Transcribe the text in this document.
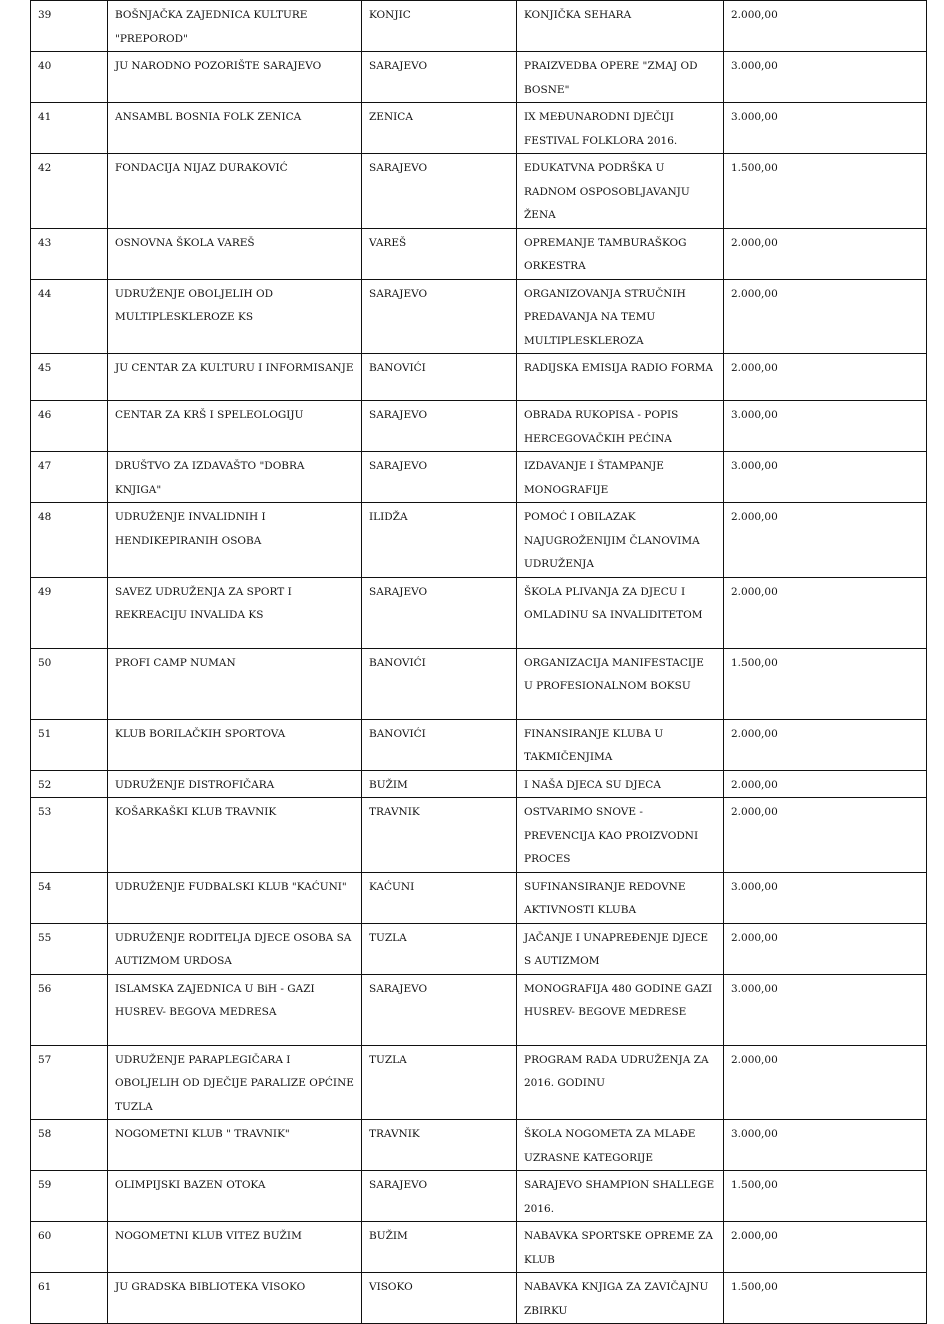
39	BOŠNJAČKA ZAJEDNICA KULTURE "PREPOROD"	KONJIC	KONJIČKA SEHARA	2.000,00
40	JU NARODNO POZORIŠTE SARAJEVO	SARAJEVO	PRAIZVEDBA OPERE "ZMAJ OD BOSNE"	3.000,00
41	ANSAMBL BOSNIA FOLK ZENICA	ZENICA	IX MEĐUNARODNI DJEČIJI FESTIVAL FOLKLORA 2016.	3.000,00
42	FONDACIJA NIJAZ DURAKOVIĆ	SARAJEVO	EDUKATVNA PODRŠKA U RADNOM OSPOSOBLJAVANJU ŽENA	1.500,00
43	OSNOVNA ŠKOLA VAREŠ	VAREŠ	OPREMANJE TAMBURAŠKOG ORKESTRA	2.000,00
44	UDRUŽENJE OBOLJELIH OD MULTIPLESKLEROZE KS	SARAJEVO	ORGANIZOVANJA STRUČNIH PREDAVANJA NA TEMU MULTIPLESKLEROZA	2.000,00
45	JU CENTAR ZA KULTURU I INFORMISANJE	BANOVIĆI	RADIJSKA EMISIJA RADIO FORMA	2.000,00
46	CENTAR ZA KRŠ I SPELEOLOGIJU	SARAJEVO	OBRADA RUKOPISA - POPIS HERCEGOVAČKIH PEĆINA	3.000,00
47	DRUŠTVO ZA IZDAVAŠTO "DOBRA KNJIGA"	SARAJEVO	IZDAVANJE I ŠTAMPANJE MONOGRAFIJE	3.000,00
48	UDRUŽENJE INVALIDNIH I HENDIKEPIRANIH OSOBA	ILIDŽA	POMOĆ I OBILAZAK NAJUGROŽENIJIM ČLANOVIMA UDRUŽENJA	2.000,00
49	SAVEZ UDRUŽENJA ZA SPORT I REKREACIJU INVALIDA KS	SARAJEVO	ŠKOLA PLIVANJA ZA DJECU I OMLADINU SA INVALIDITETOM	2.000,00
50	PROFI CAMP NUMAN	BANOVIĆI	ORGANIZACIJA MANIFESTACIJE U PROFESIONALNOM BOKSU	1.500,00
51	KLUB BORILAČKIH SPORTOVA	BANOVIĆI	FINANSIRANJE KLUBA U TAKMIČENJIMA	2.000,00
52	UDRUŽENJE DISTROFIČARA	BUŽIM	I NAŠA DJECA SU DJECA	2.000,00
53	KOŠARKAŠKI KLUB TRAVNIK	TRAVNIK	OSTVARIMO SNOVE - PREVENCIJA KAO PROIZVODNI PROCES	2.000,00
54	UDRUŽENJE FUDBALSKI KLUB "KAĆUNI"	KAĆUNI	SUFINANSIRANJE REDOVNE AKTIVNOSTI KLUBA	3.000,00
55	UDRUŽENJE RODITELJA DJECE OSOBA SA AUTIZMOM URDOSA	TUZLA	JAČANJE I UNAPREĐENJE DJECE S AUTIZMOM	2.000,00
56	ISLAMSKA ZAJEDNICA U BiH - GAZI HUSREV- BEGOVA MEDRESA	SARAJEVO	MONOGRAFIJA 480 GODINE GAZI HUSREV- BEGOVE MEDRESE	3.000,00
57	UDRUŽENJE PARAPLEGIČARA I OBOLJELIH OD DJEČIJE PARALIZE OPĆINE TUZLA	TUZLA	PROGRAM RADA UDRUŽENJA ZA 2016. GODINU	2.000,00
58	NOGOMETNI KLUB " TRAVNIK"	TRAVNIK	ŠKOLA NOGOMETA ZA MLAĐE UZRASNE KATEGORIJE	3.000,00
59	OLIMPIJSKI BAZEN OTOKA	SARAJEVO	SARAJEVO SHAMPION SHALLEGE 2016.	1.500,00
60	NOGOMETNI KLUB VITEZ BUŽIM	BUŽIM	NABAVKA SPORTSKE OPREME ZA KLUB	2.000,00
61	JU GRADSKA BIBLIOTEKA VISOKO	VISOKO	NABAVKA KNJIGA ZA ZAVIČAJNU ZBIRKU	1.500,00
